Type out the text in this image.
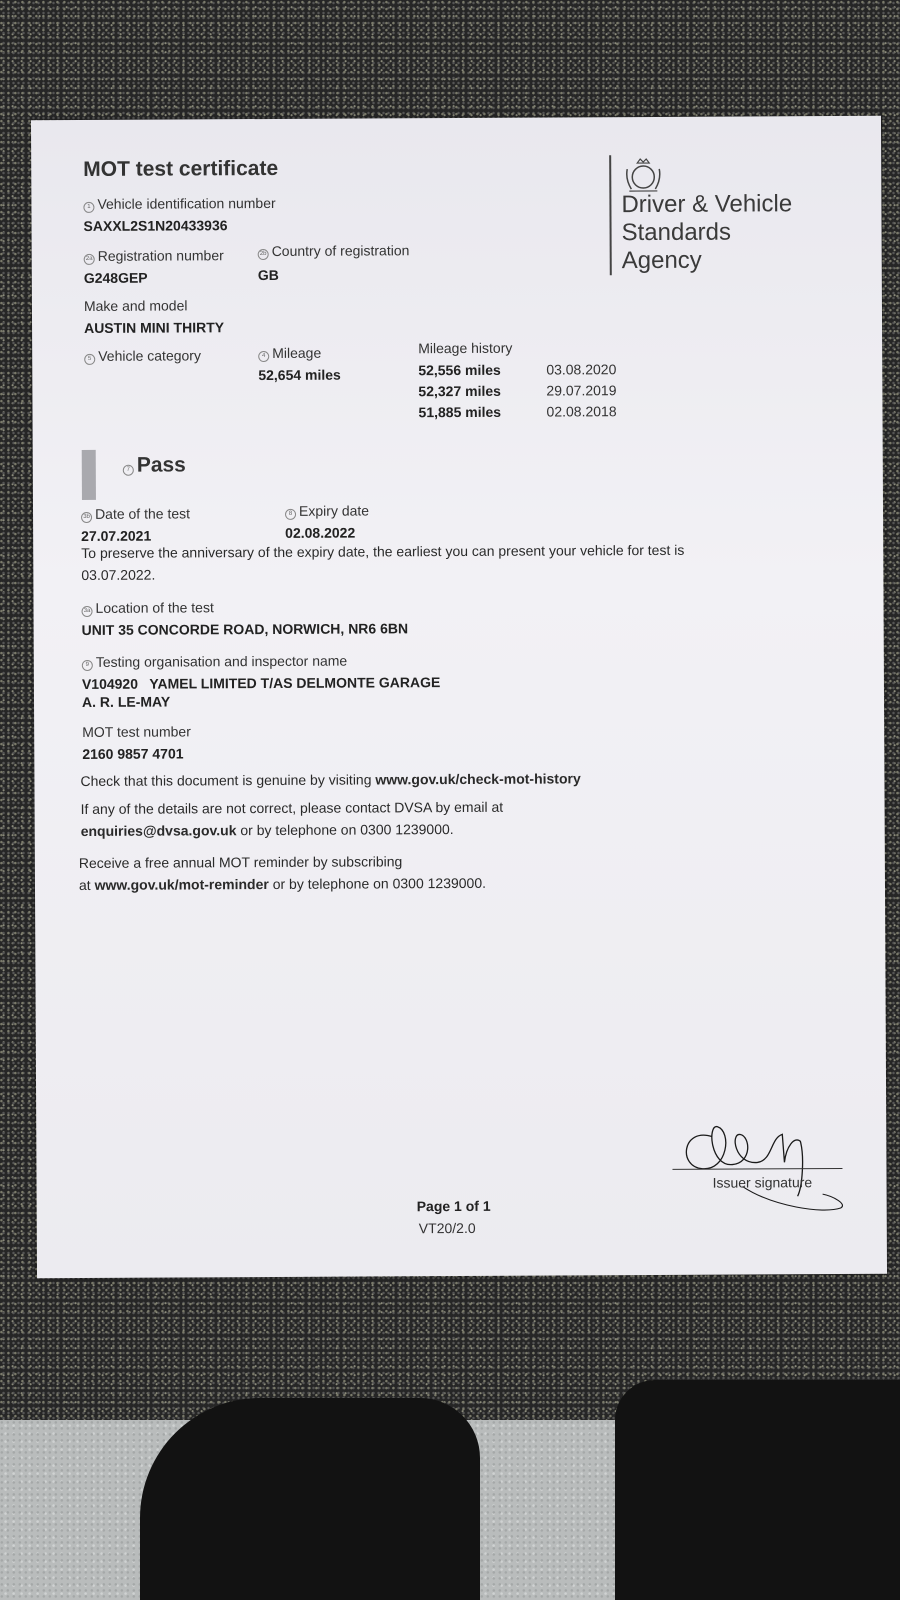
MOT test certificate
Driver & Vehicle
Standards
Agency
1 Vehicle identification number
SAXXL2S1N20433936
2a Registration number
G248GEP
2b Country of registration
GB
Make and model
AUSTIN MINI THIRTY
5 Vehicle category	4 Mileage
52,654 miles
Mileage history
52,556 miles	03.08.2020
52,327 miles	29.07.2019
51,885 miles	02.08.2018
7 Pass
3b Date of the test
27.07.2021
8 Expiry date
02.08.2022
To preserve the anniversary of the expiry date, the earliest you can present your vehicle for test is
03.07.2022.
3a Location of the test
UNIT 35 CONCORDE ROAD, NORWICH, NR6 6BN
9 Testing organisation and inspector name
V104920   YAMEL LIMITED T/AS DELMONTE GARAGE
A. R. LE-MAY
MOT test number
2160 9857 4701
Check that this document is genuine by visiting www.gov.uk/check-mot-history
If any of the details are not correct, please contact DVSA by email at
enquiries@dvsa.gov.uk or by telephone on 0300 1239000.
Receive a free annual MOT reminder by subscribing
at www.gov.uk/mot-reminder or by telephone on 0300 1239000.
Issuer signature
Page 1 of 1
VT20/2.0
